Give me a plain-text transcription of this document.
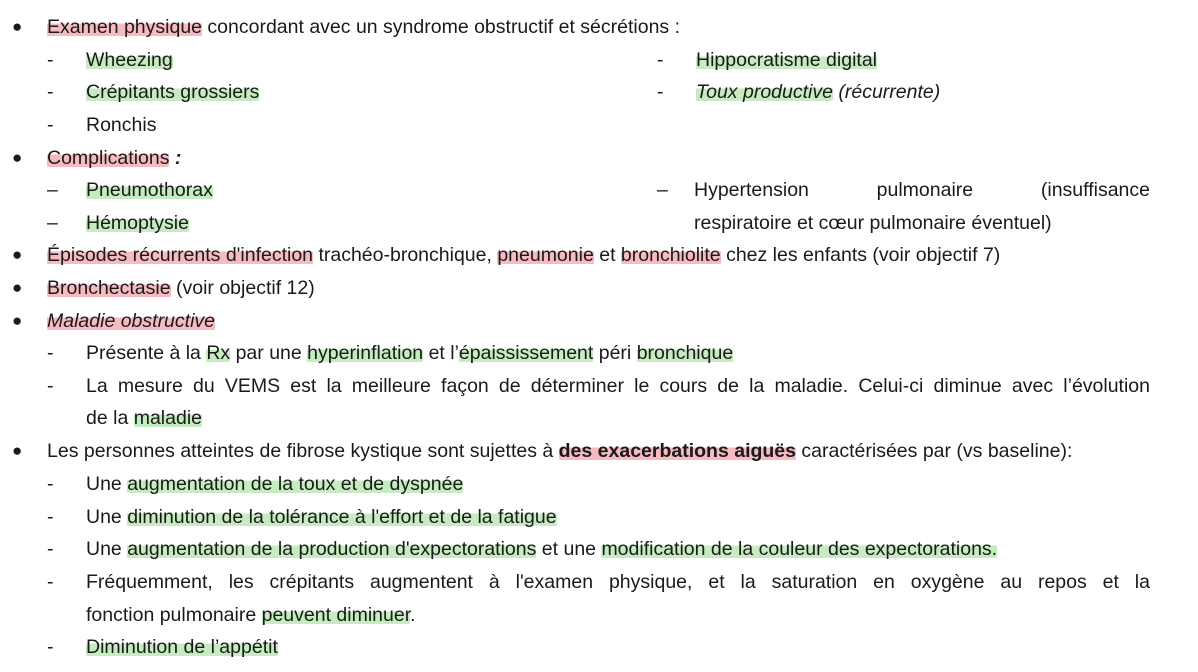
● Examen physique concordant avec un syndrome obstructif et sécrétions :
- Wheezing
- Crépitants grossiers
- Ronchis
- Hippocratisme digital
- Toux productive (récurrente)
● Complications :
– Pneumothorax
– Hémoptysie
– Hypertension pulmonaire (insuffisance
respiratoire et cœur pulmonaire éventuel)
● Épisodes récurrents d'infection trachéo-bronchique, pneumonie et bronchiolite chez les enfants (voir objectif 7)
● Bronchectasie (voir objectif 12)
● Maladie obstructive
- Présente à la Rx par une hyperinflation et l’épaississement péri bronchique
- La mesure du VEMS est la meilleure façon de déterminer le cours de la maladie. Celui-ci diminue avec l’évolution
de la maladie
● Les personnes atteintes de fibrose kystique sont sujettes à des exacerbations aiguës caractérisées par (vs baseline):
- Une augmentation de la toux et de dyspnée
- Une diminution de la tolérance à l'effort et de la fatigue
- Une augmentation de la production d'expectorations et une modification de la couleur des expectorations.
- Fréquemment, les crépitants augmentent à l'examen physique, et la saturation en oxygène au repos et la
fonction pulmonaire peuvent diminuer.
- Diminution de l’appétit
